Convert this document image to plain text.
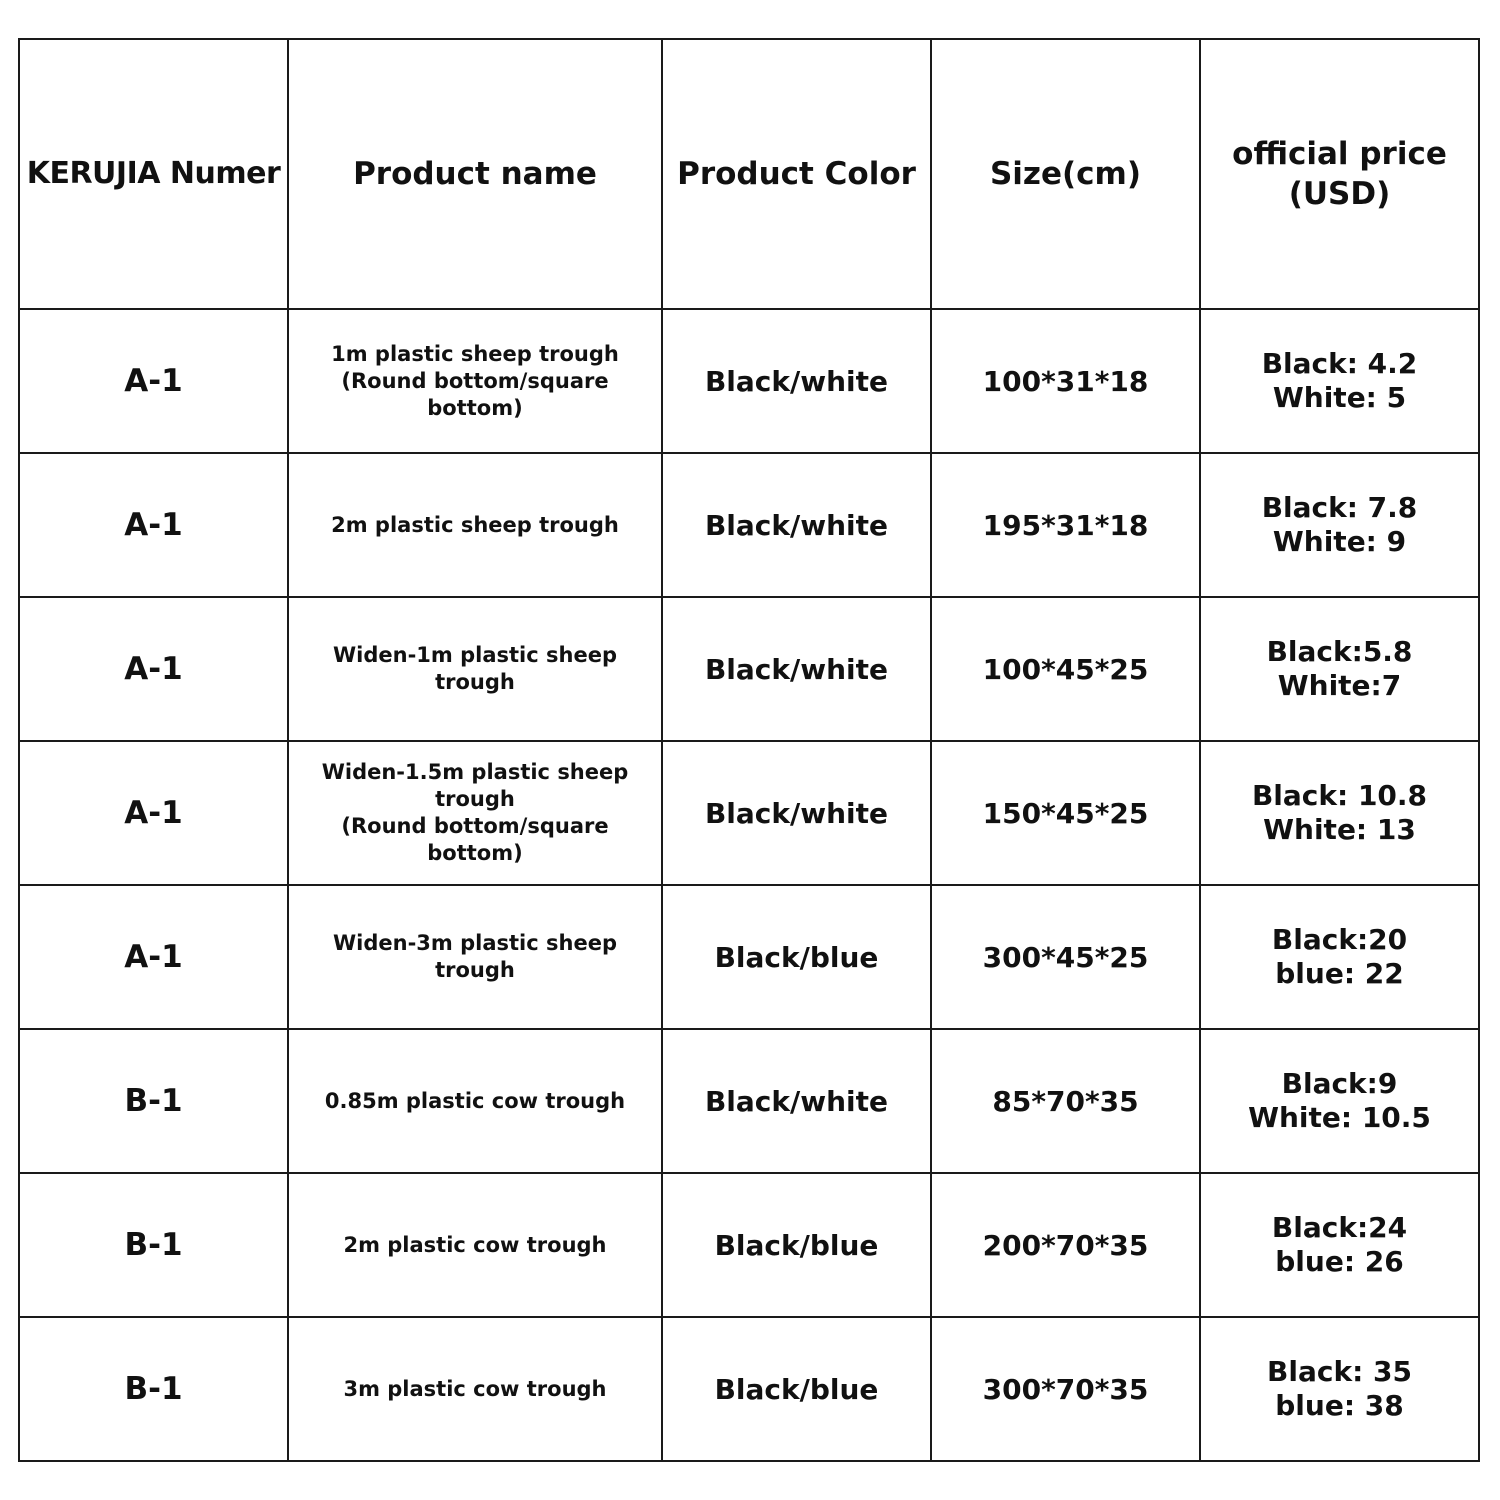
KERUJIA Numer	Product name	Product Color	Size(cm)	official price
(USD)

A-1	1m plastic sheep trough
(Round bottom/square bottom)	Black/white	100*31*18	Black: 4.2
White: 5

A-1	2m plastic sheep trough	Black/white	195*31*18	Black: 7.8
White: 9

A-1	Widen-1m plastic sheep trough	Black/white	100*45*25	Black:5.8
White:7

A-1	Widen-1.5m plastic sheep trough
(Round bottom/square bottom)	Black/white	150*45*25	Black: 10.8
White: 13

A-1	Widen-3m plastic sheep trough	Black/blue	300*45*25	Black:20
blue: 22

B-1	0.85m plastic cow trough	Black/white	85*70*35	Black:9
White: 10.5

B-1	2m plastic cow trough	Black/blue	200*70*35	Black:24
blue: 26

B-1	3m plastic cow trough	Black/blue	300*70*35	Black: 35
blue: 38
